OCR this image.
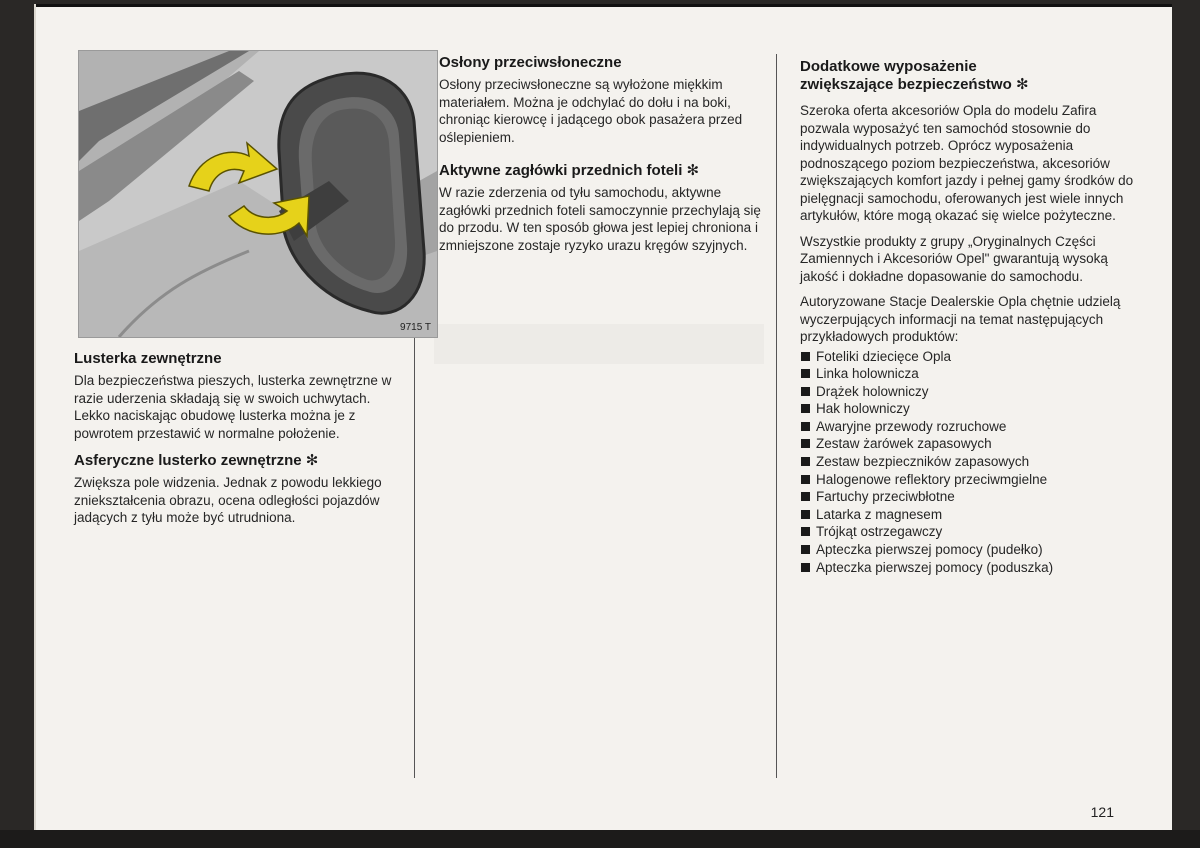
9715 T
Lusterka zewnętrzne

Dla bezpieczeństwa pieszych, lusterka zewnętrzne w razie uderzenia składają się w swoich uchwytach. Lekko naciskając obudowę lusterka można je z powrotem przestawić w normalne położenie.

Asferyczne lusterko zewnętrzne ✻

Zwiększa pole widzenia. Jednak z powodu lekkiego zniekształcenia obrazu, ocena odległości pojazdów jadących z tyłu może być utrudniona.

Osłony przeciwsłoneczne

Osłony przeciwsłoneczne są wyłożone miękkim materiałem. Można je odchylać do dołu i na boki, chroniąc kierowcę i jadącego obok pasażera przed oślepieniem.

Aktywne zagłówki przednich foteli ✻

W razie zderzenia od tyłu samochodu, aktywne zagłówki przednich foteli samoczynnie przechylają się do przodu. W ten sposób głowa jest lepiej chroniona i zmniejszone zostaje ryzyko urazu kręgów szyjnych.

Dodatkowe wyposażenie
zwiększające bezpieczeństwo ✻

Szeroka oferta akcesoriów Opla do modelu Zafira pozwala wyposażyć ten samochód stosownie do indywidualnych potrzeb. Oprócz wyposażenia podnoszącego poziom bezpieczeństwa, akcesoriów zwiększających komfort jazdy i pełnej gamy środków do pielęgnacji samochodu, oferowanych jest wiele innych artykułów, które mogą okazać się wielce pożyteczne.

Wszystkie produkty z grupy „Oryginalnych Części Zamiennych i Akcesoriów Opel" gwarantują wysoką jakość i dokładne dopasowanie do samochodu.

Autoryzowane Stacje Dealerskie Opla chętnie udzielą wyczerpujących informacji na temat następujących przykładowych produktów:

Foteliki dziecięce Opla
Linka holownicza
Drążek holowniczy
Hak holowniczy
Awaryjne przewody rozruchowe
Zestaw żarówek zapasowych
Zestaw bezpieczników zapasowych
Halogenowe reflektory przeciwmgielne
Fartuchy przeciwbłotne
Latarka z magnesem
Trójkąt ostrzegawczy
Apteczka pierwszej pomocy (pudełko)
Apteczka pierwszej pomocy (poduszka)
121
